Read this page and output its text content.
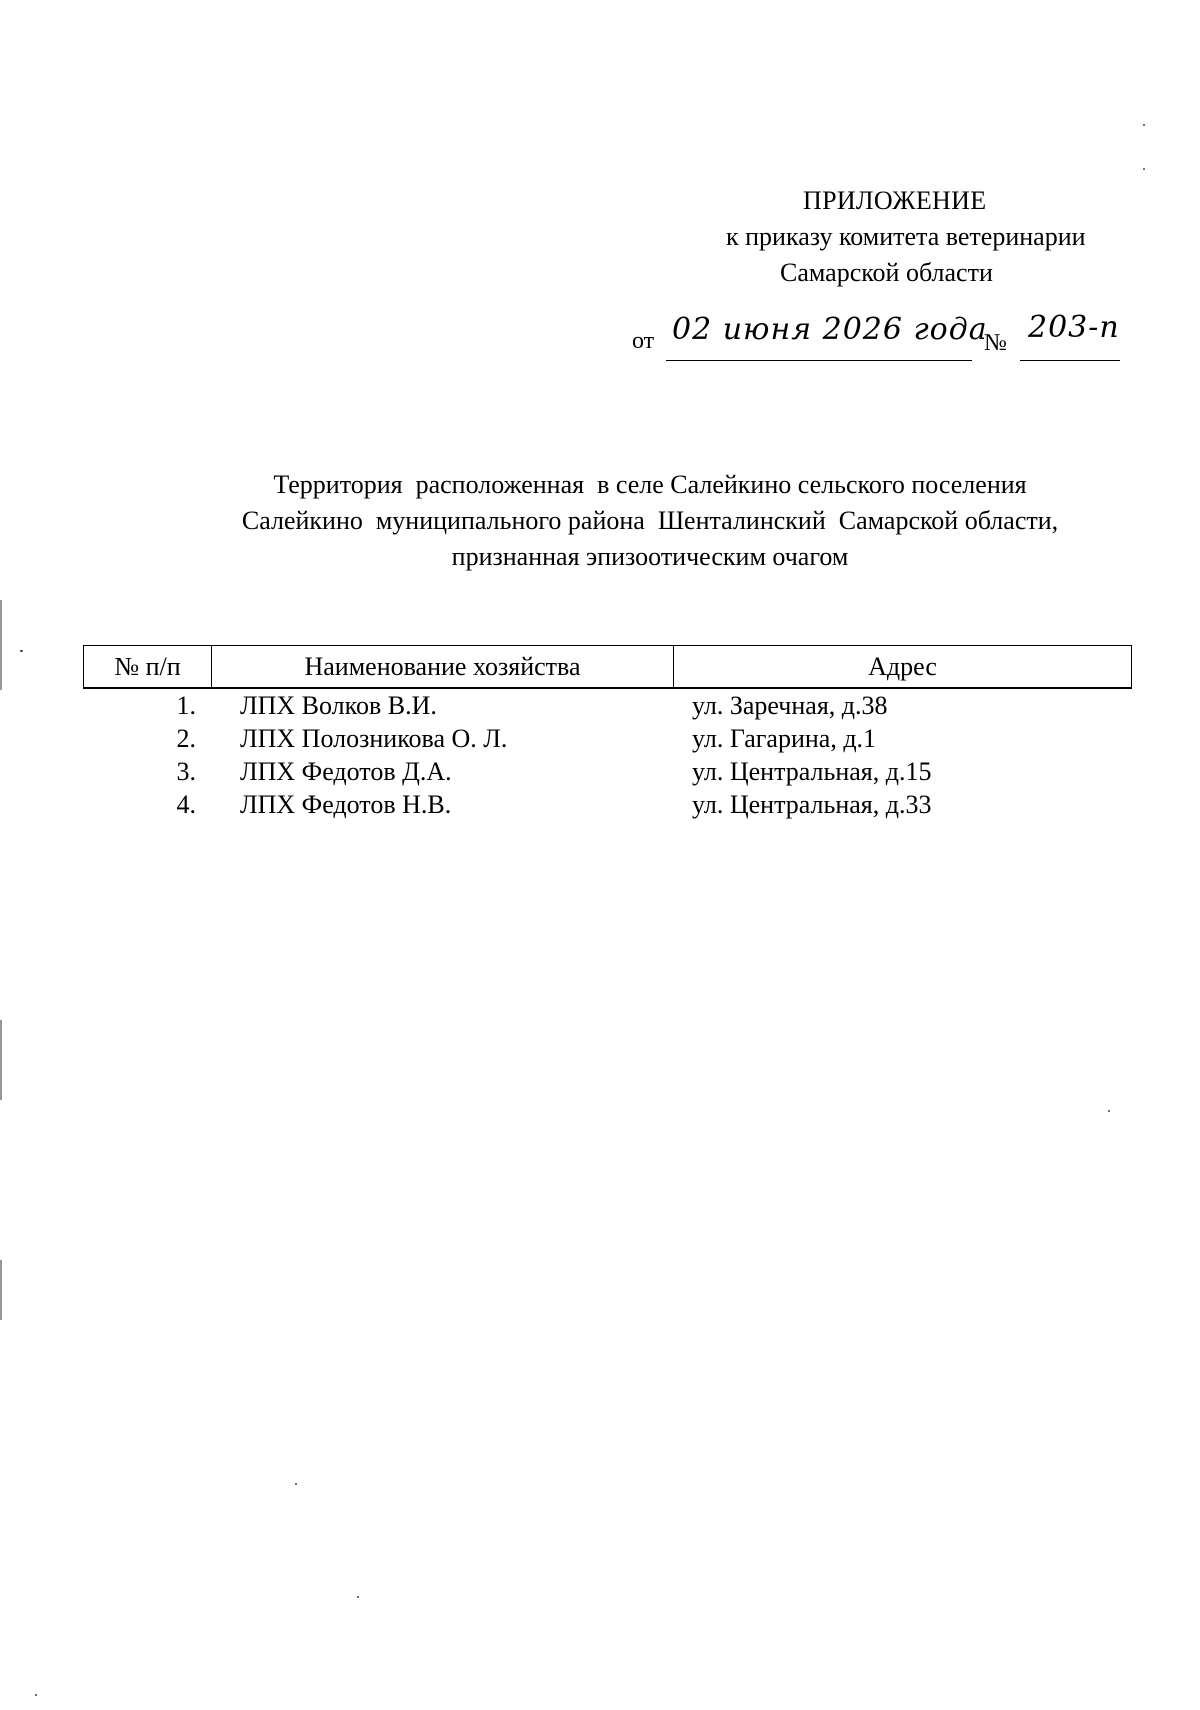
ПРИЛОЖЕНИЕ
к приказу комитета ветеринарии
Самарской области
от 02 июня 2026 года
№ 203-п
Территория  расположенная  в селе Салейкино сельского поселения
Салейкино  муниципального района  Шенталинский  Самарской области,
признанная эпизоотическим очагом
№ п/п	Наименование хозяйства	Адрес
1.	ЛПХ Волков В.И.	ул. Заречная, д.38
2.	ЛПХ Полозникова О. Л.	ул. Гагарина, д.1
3.	ЛПХ Федотов Д.А.	ул. Центральная, д.15
4.	ЛПХ Федотов Н.В.	ул. Центральная, д.33
